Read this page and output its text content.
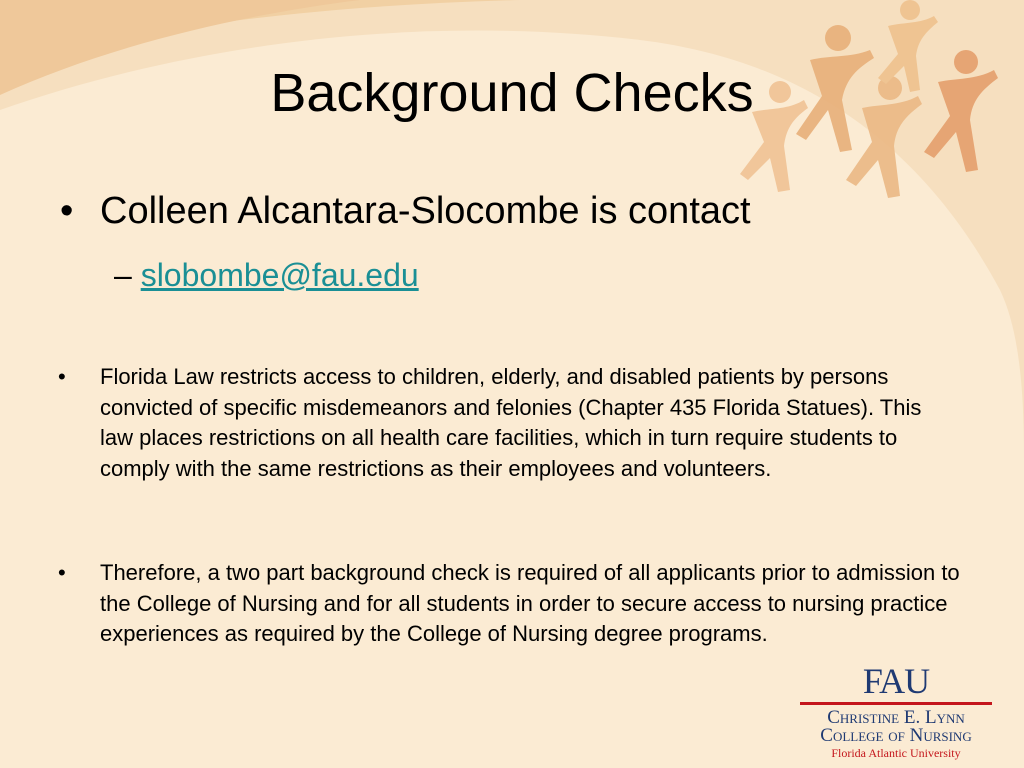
Background Checks
• Colleen Alcantara-Slocombe is contact
– slobombe@fau.edu
• Florida Law restricts access to children, elderly, and disabled patients by persons convicted of specific misdemeanors and felonies (Chapter 435 Florida Statues). This law places restrictions on all health care facilities, which in turn require students to comply with the same restrictions as their employees and volunteers.
• Therefore, a two part background check is required of all applicants prior to admission to the College of Nursing and for all students in order to secure access to nursing practice experiences as required by the College of Nursing degree programs.
FAU
Christine E. Lynn
College of Nursing
Florida Atlantic University
